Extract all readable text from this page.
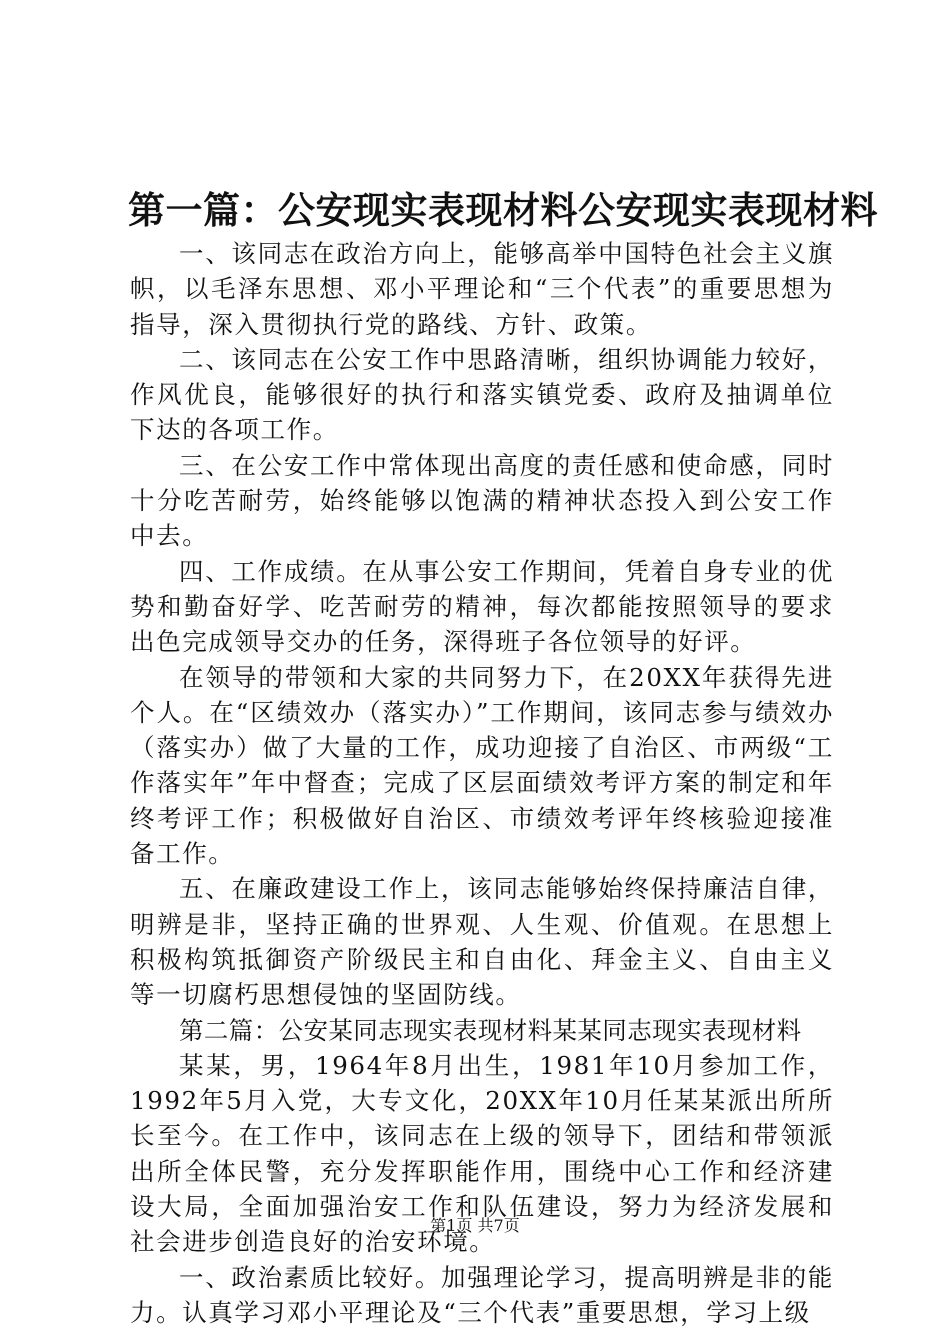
第一篇：公安现实表现材料公安现实表现材料

一、该同志在政治方向上，能够高举中国特色社会主义旗帜，以毛泽东思想、邓小平理论和“三个代表”的重要思想为指导，深入贯彻执行党的路线、方针、政策。

二、该同志在公安工作中思路清晰，组织协调能力较好，作风优良，能够很好的执行和落实镇党委、政府及抽调单位下达的各项工作。

三、在公安工作中常体现出高度的责任感和使命感，同时十分吃苦耐劳，始终能够以饱满的精神状态投入到公安工作中去。

四、工作成绩。在从事公安工作期间，凭着自身专业的优势和勤奋好学、吃苦耐劳的精神，每次都能按照领导的要求出色完成领导交办的任务，深得班子各位领导的好评。

在领导的带领和大家的共同努力下，在20XX年获得先进个人。在“区绩效办（落实办）”工作期间，该同志参与绩效办（落实办）做了大量的工作，成功迎接了自治区、市两级“工作落实年”年中督查；完成了区层面绩效考评方案的制定和年终考评工作；积极做好自治区、市绩效考评年终核验迎接准备工作。

五、在廉政建设工作上，该同志能够始终保持廉洁自律，明辨是非，坚持正确的世界观、人生观、价值观。在思想上积极构筑抵御资产阶级民主和自由化、拜金主义、自由主义等一切腐朽思想侵蚀的坚固防线。

第二篇：公安某同志现实表现材料某某同志现实表现材料

某某，男，1964年8月出生，1981年10月参加工作，1992年5月入党，大专文化，20XX年10月任某某派出所所长至今。在工作中，该同志在上级的领导下，团结和带领派出所全体民警，充分发挥职能作用，围绕中心工作和经济建设大局，全面加强治安工作和队伍建设，努力为经济发展和社会进步创造良好的治安环境。

一、政治素质比较好。加强理论学习，提高明辨是非的能力。认真学习邓小平理论及“三个代表”重要思想，学习上级

第1页 共7页
